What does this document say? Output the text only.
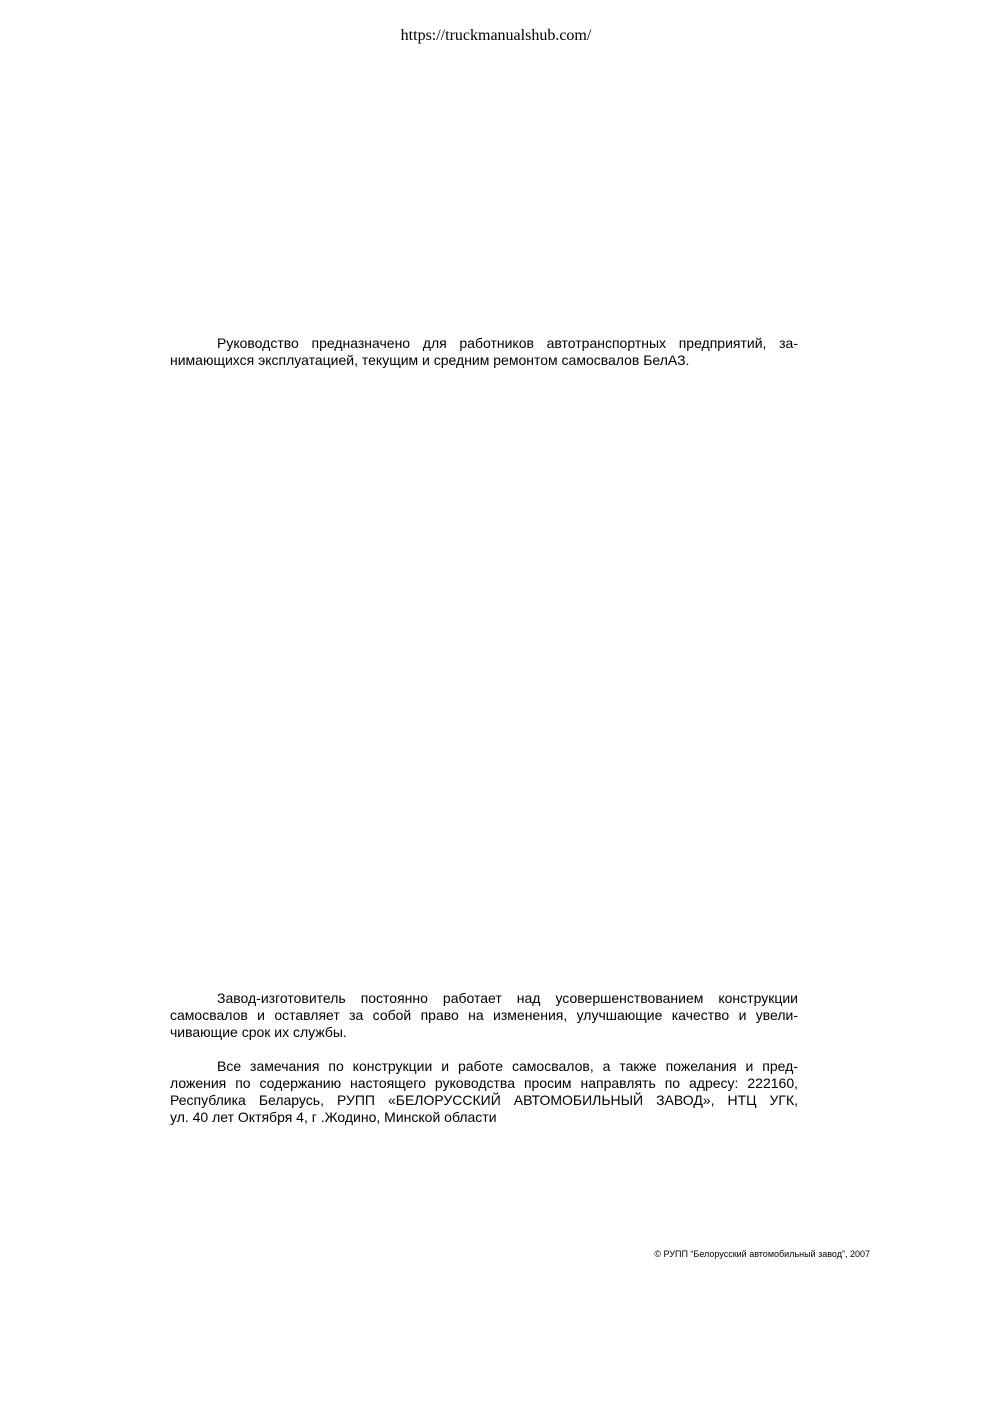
https://truckmanualshub.com/

Руководство предназначено для работников автотранспортных предприятий, за-
нимающихся эксплуатацией, текущим и средним ремонтом самосвалов БелАЗ.

Завод-изготовитель постоянно работает над усовершенствованием конструкции
самосвалов и оставляет за собой право на изменения, улучшающие качество и увели-
чивающие срок их службы.

Все замечания по конструкции и работе самосвалов, а также пожелания и пред-
ложения по содержанию настоящего руководства просим направлять по адресу: 222160,
Республика Беларусь, РУПП «БЕЛОРУССКИЙ АВТОМОБИЛЬНЫЙ ЗАВОД», НТЦ УГК,
ул. 40 лет Октября 4, г .Жодино, Минской области

© РУПП “Белорусский автомобильный завод”, 2007
